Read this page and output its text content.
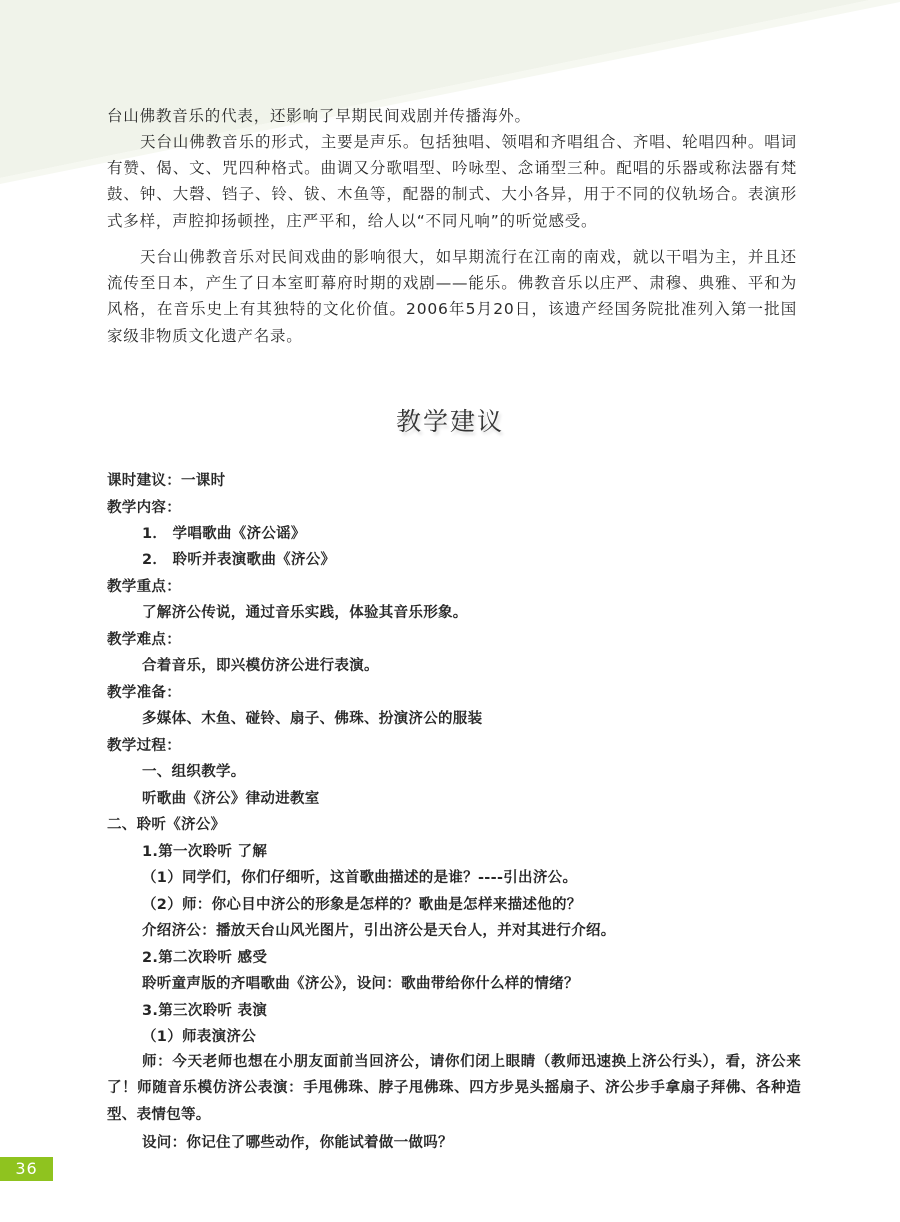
台山佛教音乐的代表，还影响了早期民间戏剧并传播海外。

天台山佛教音乐的形式，主要是声乐。包括独唱、领唱和齐唱组合、齐唱、轮唱四种。唱词有赞、偈、文、咒四种格式。曲调又分歌唱型、吟咏型、念诵型三种。配唱的乐器或称法器有梵鼓、钟、大磬、铛子、铃、钹、木鱼等，配器的制式、大小各异，用于不同的仪轨场合。表演形式多样，声腔抑扬顿挫，庄严平和，给人以“不同凡响”的听觉感受。

天台山佛教音乐对民间戏曲的影响很大，如早期流行在江南的南戏，就以干唱为主，并且还流传至日本，产生了日本室町幕府时期的戏剧——能乐。佛教音乐以庄严、肃穆、典雅、平和为风格，在音乐史上有其独特的文化价值。2006年5月20日，该遗产经国务院批准列入第一批国家级非物质文化遗产名录。

教学建议
课时建议：一课时
教学内容：
1． 学唱歌曲《济公谣》
2． 聆听并表演歌曲《济公》
教学重点：
了解济公传说，通过音乐实践，体验其音乐形象。
教学难点：
合着音乐，即兴模仿济公进行表演。
教学准备：
多媒体、木鱼、碰铃、扇子、佛珠、扮演济公的服装
教学过程：
一、组织教学。
听歌曲《济公》律动进教室
二、聆听《济公》
1.第一次聆听 了解
（1）同学们，你们仔细听，这首歌曲描述的是谁？----引出济公。
（2）师：你心目中济公的形象是怎样的？歌曲是怎样来描述他的？
介绍济公：播放天台山风光图片，引出济公是天台人，并对其进行介绍。
2.第二次聆听 感受
聆听童声版的齐唱歌曲《济公》，设问：歌曲带给你什么样的情绪？
3.第三次聆听 表演
（1）师表演济公

师：今天老师也想在小朋友面前当回济公，请你们闭上眼睛（教师迅速换上济公行头），看，济公来了！师随音乐模仿济公表演：手甩佛珠、脖子甩佛珠、四方步晃头摇扇子、济公步手拿扇子拜佛、各种造型、表情包等。

设问：你记住了哪些动作，你能试着做一做吗？
36
